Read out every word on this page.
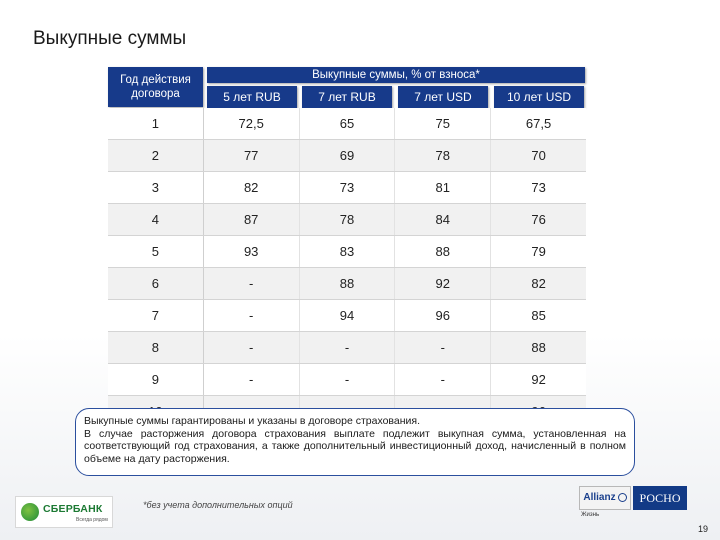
Выкупные суммы
Год действия договора
Выкупные суммы, % от взноса*
5 лет RUB	7 лет RUB	7 лет USD	10 лет USD
1	72,5	65	75	67,5
2	77	69	78	70
3	82	73	81	73
4	87	78	84	76
5	93	83	88	79
6	-	88	92	82
7	-	94	96	85
8	-	-	-	88
9	-	-	-	92

Выкупные суммы гарантированы и указаны в договоре страхования.

В случае расторжения договора страхования выплате подлежит выкупная сумма, установленная на соответствующий год страхования, а также дополнительный инвестиционный доход, начисленный в полном объеме на дату расторжения.

*без учета дополнительных опций
СБЕРБАНК
Всегда рядом
Allianz	РОСНО
Жизнь
19
